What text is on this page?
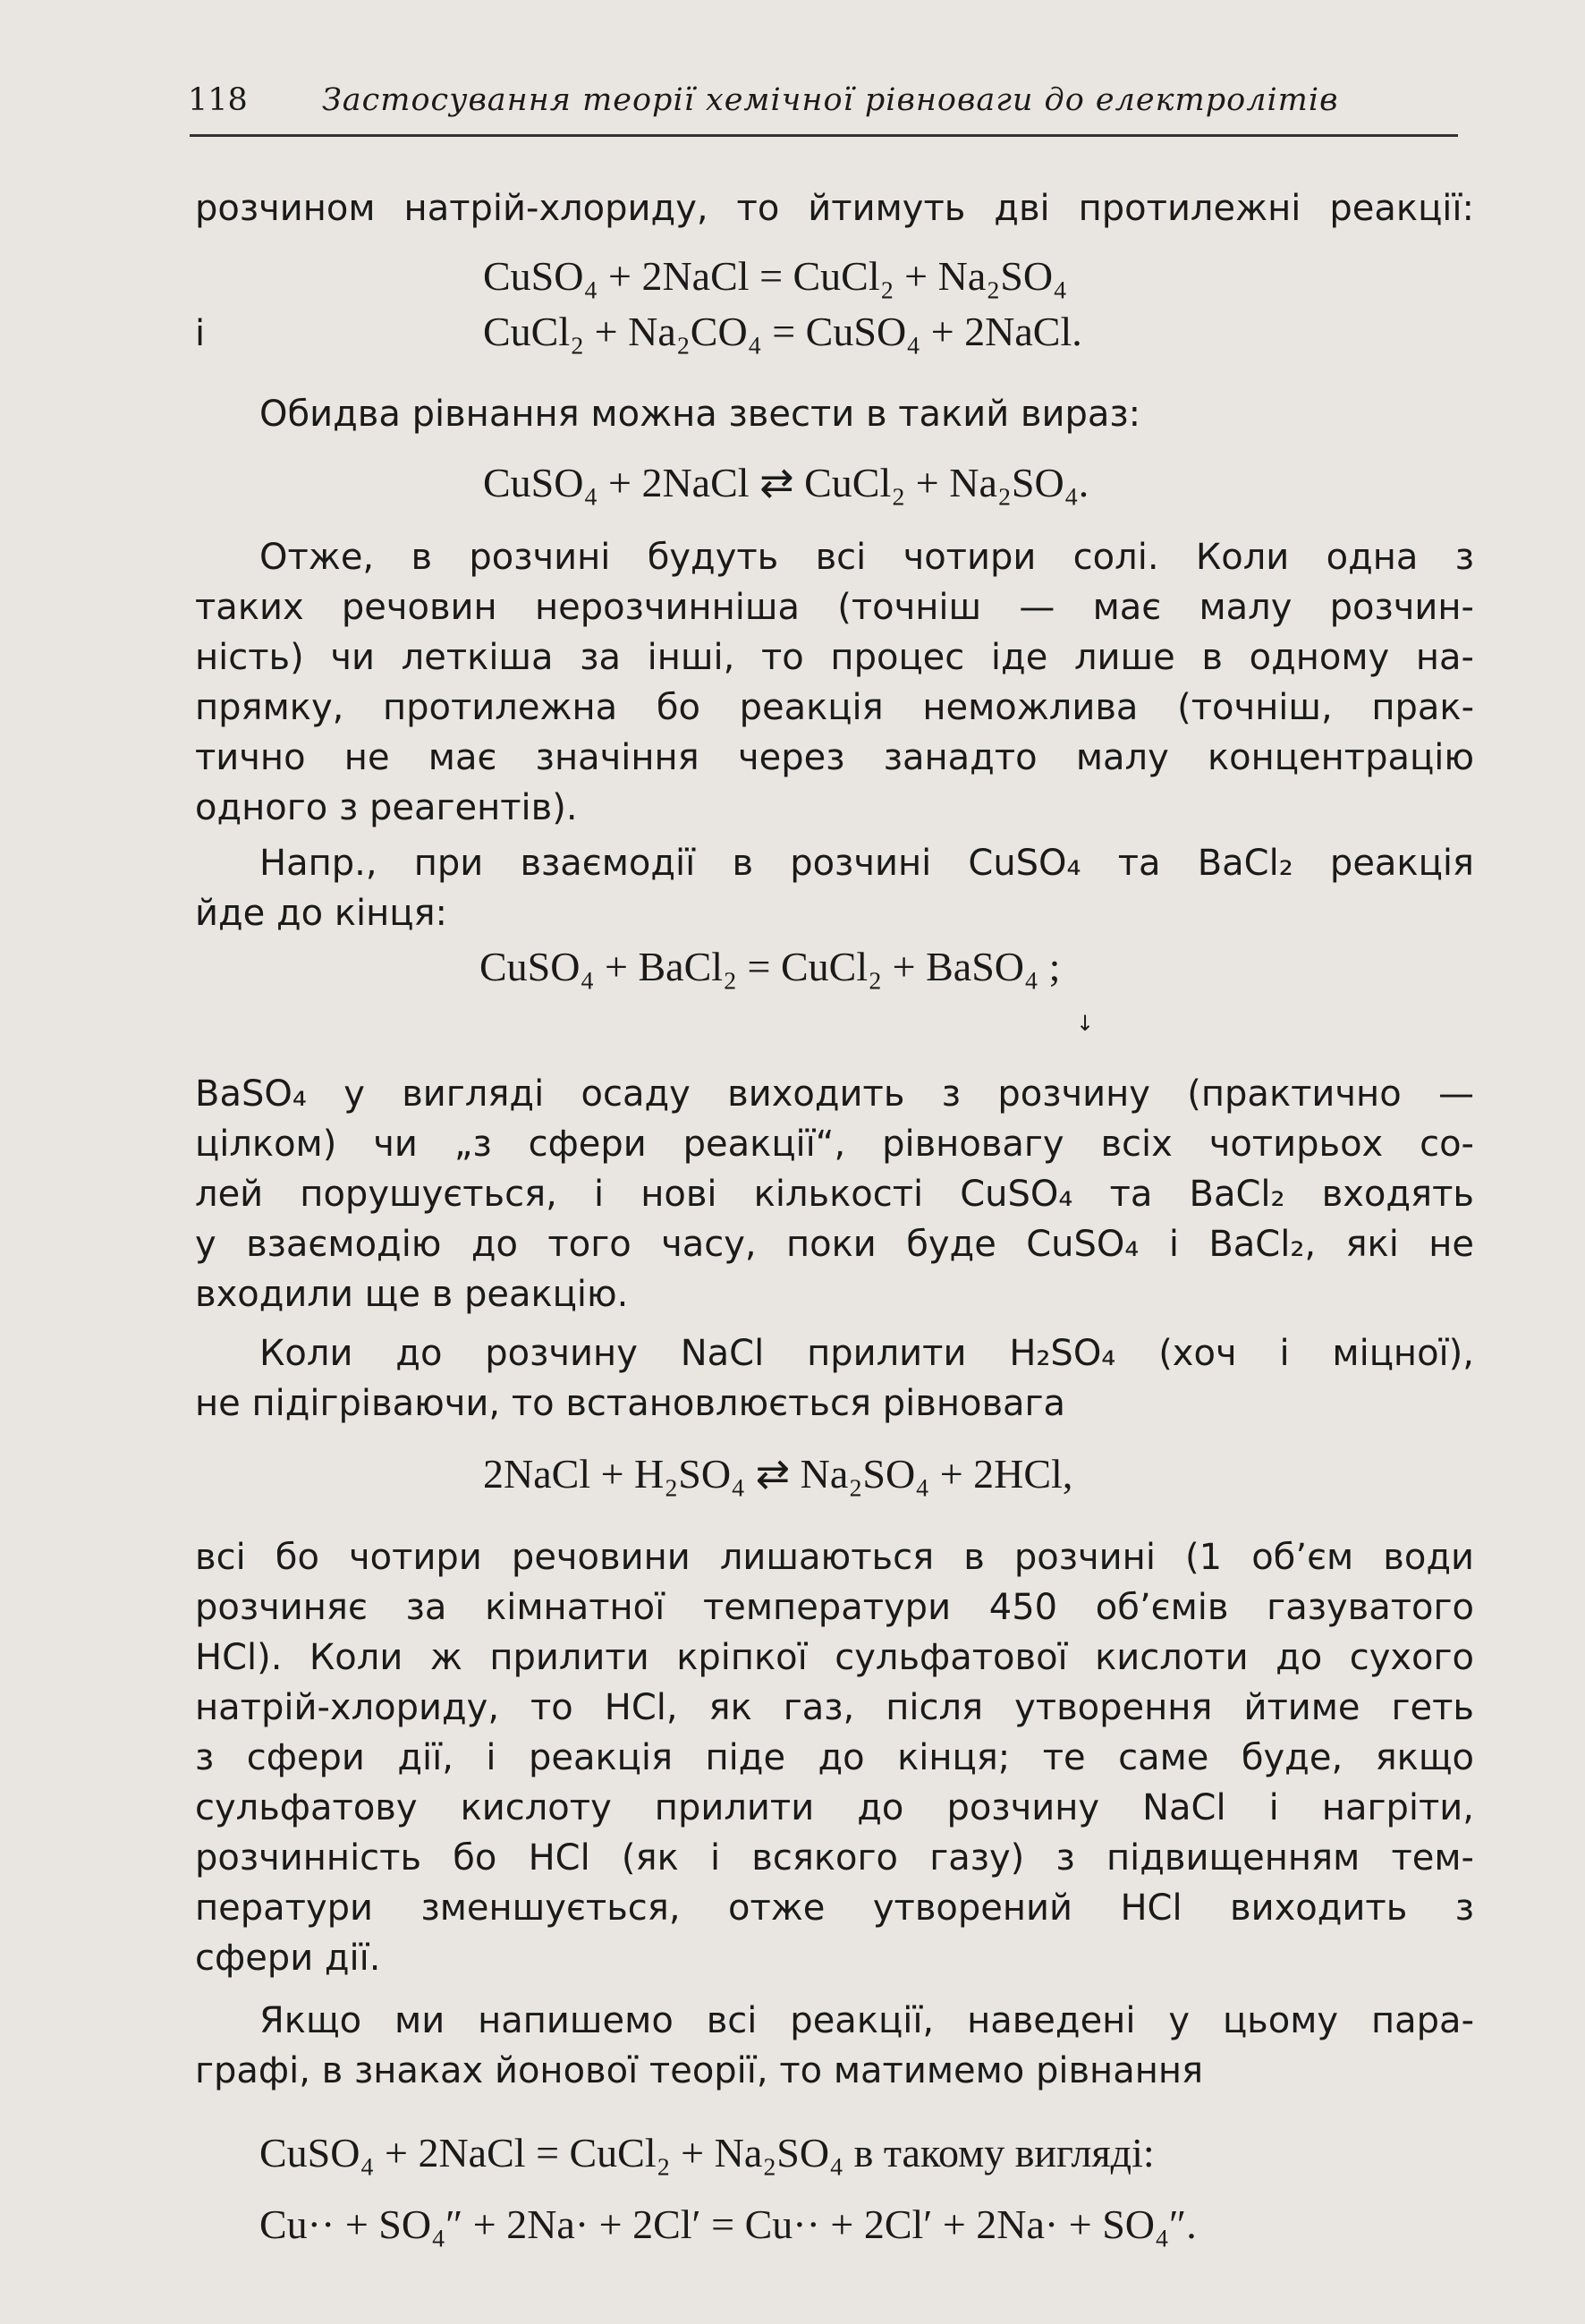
118 Застосування теорії хемічної рівноваги до електролітів
розчином натрій-хлориду, то йтимуть дві протилежні реакції:
CuSO₄ + 2NaCl = CuCl₂ + Na₂SO₄
і	CuCl₂ + Na₂CO₄ = CuSO₄ + 2NaCl.
Обидва рівнання можна звести в такий вираз:
CuSO₄ + 2NaCl ⇄ CuCl₂ + Na₂SO₄.
Отже, в розчині будуть всі чотири солі. Коли одна з
таких речовин нерозчинніша (точніш — має малу розчин-
ність) чи леткіша за інші, то процес іде лише в одному на-
прямку, протилежна бо реакція неможлива (точніш, прак-
тично не має значіння через занадто малу концентрацію
одного з реагентів).
Напр., при взаємодії в розчині CuSO₄ та BaCl₂ реакція
йде до кінця:
CuSO₄ + BaCl₂ = CuCl₂ + BaSO₄ ;
↓
BaSO₄ у вигляді осаду виходить з розчину (практично —
цілком) чи „з сфери реакції“, рівновагу всіх чотирьох со-
лей порушується, і нові кількості CuSO₄ та BaCl₂ входять
у взаємодію до того часу, поки буде CuSO₄ і BaCl₂, які не
входили ще в реакцію.
Коли до розчину NaCl прилити H₂SO₄ (хоч і міцної),
не підігріваючи, то встановлюється рівновага
2NaCl + H₂SO₄ ⇄ Na₂SO₄ + 2HCl,
всі бо чотири речовини лишаються в розчині (1 об’єм води
розчиняє за кімнатної температури 450 об’ємів газуватого
HCl). Коли ж прилити кріпкої сульфатової кислоти до сухого
натрій-хлориду, то HCl, як газ, після утворення йтиме геть
з сфери дії, і реакція піде до кінця; те саме буде, якщо
сульфатову кислоту прилити до розчину NaCl і нагріти,
розчинність бо HCl (як і всякого газу) з підвищенням тем-
ператури зменшується, отже утворений HCl виходить з
сфери дії.
Якщо ми напишемо всі реакції, наведені у цьому пара-
графі, в знаках йонової теорії, то матимемо рівнання
CuSO₄ + 2NaCl = CuCl₂ + Na₂SO₄ в такому вигляді:
Cu·· + SO₄″ + 2Na· + 2Cl′ = Cu·· + 2Cl′ + 2Na· + SO₄″.
